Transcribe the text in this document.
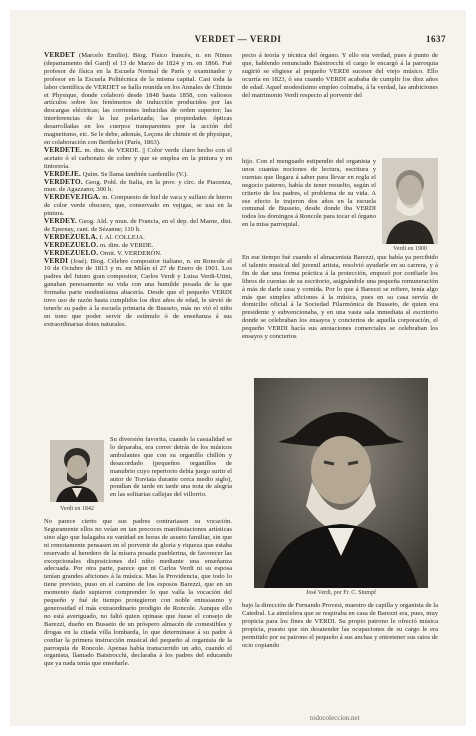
VERDET — VERDI	1637

VERDET (Marcelo Emilio). Biog. Físico francés, n. en Nimes (departamento del Gard) el 13 de Marzo de 1824 y m. en 1866. Fué profesor de física en la Escuela Normal de París y examinador y profesor en la Escuela Politécnica de la misma capital. Casi toda la labor científica de VERDET se halla reunida en los Annales de Chimie et Physique, donde colaboró desde 1848 hasta 1858, con valiosos artículos sobre los fenómenos de inducción producidos por las descargas eléctricas; las corrientes inducidas de orden superior; las interferencias de la luz polarizada; las propiedades ópticas desarrolladas en los cuerpos transparentes por la acción del magnetismo, etc. Se le debe, además, Leçons de chimie et de physique, en colaboración con Berthelot (París, 1863).

VERDETE. m. dim. de VERDE. || Color verde claro hecho con el acetato ó el carbonato de cobre y que se emplea en la pintura y en tintorería.

VERDEJE. Quím. Se llama también cardenillo (V.).

VERDETO. Geog. Pobl. de Italia, en la prov. y circ. de Piacenza, mun. de Agazzano; 300 h.

VERDEVEJIGA. m. Compuesto de hiel de vaca y sulfato de hierro de color verde obscuro, que, conservado en vejigas, se usa en la pintura.

VERDEY. Geog. Ald. y mun. de Francia, en el dep. del Marne, dist. de Epernay, cant. de Sézanne; 110 h.

VERDEZUELA. f. Al. COLLEJA.

VERDEZUELO. m. dim. de VERDE.

VERDEZUELO. Ornit. V. VERDERÓN.

VERDI (José). Biog. Célebre compositor italiano, n. en Roncole el 10 de Octubre de 1813 y m. en Milán el 27 de Enero de 1901. Los padres del futuro gran compositor, Carlos Verdi y Luisa Verdi-Utini, ganaban penosamente su vida con una humilde posada de la que formaba parte modestísima abacería. Desde que el pequeño VERDI tuvo uso de razón hasta cumplidos los diez años de edad, le sirvió de tenerle su padre á la escuela primaria de Busseto, más no vió el niño en tono que poder servir de estímulo ó de enseñanza á sus extraordinarias dotes naturales.

Verdi en 1842
Su diversión favorita, cuando la casualidad se lo deparaba, era correr detrás de los músicos ambulantes que con su organillo chillón y desacordado (pequeños organillos de manubrio cuyo repertorio debía juego surtir el autor de Traviata durante cerca medio siglo), pondían de tarde en tarde una nota de alegría en las solitarias callejas del villorrio.
No parece cierto que sus padres contrariasen su vocación. Seguramente ellos no veían en tan precoces manifestaciones artísticas sino algo que halagaba su vanidad en horas de asueto familiar, sin que ni remotamente pensasen en el porvenir de gloria y riqueza que estaba reservado al heredero de la mísera posada pueblerina, de favorecer las excepcionales disposiciones del niño mediante una enseñanza adecuada. Por otra parte, parece que ni Carlos Verdi ni su esposa tenían grandes aficiones á la música. Mas la Providencia, que todo lo tiene previsto, puso en el camino de los esposos Barezzi, que en un momento dado supieron comprender lo que valía la vocación del pequeño y fué de tiempo protegieron con noble entusiasmo y generosidad el más extraordinario prodigio de Roncole. Aunque ello no está averiguado, no faltó quien opinase que fuese el consejo de Barezzi, dueño en Busseto de un próspero almacén de comestibles y drogas en la citada villa lombarda, lo que determinase á su padre á confiar la primera instrucción musical del pequeño al organista de la parroquia de Roncole. Apenas había transcurrido un año, cuando el organista, llamado Baistrocchi, declaraba á los padres del educando que ya nada tenía que enseñarle.
pecto á teoría y técnica del órgano. Y ello era verdad, pues á punto de que, habiendo renunciado Baistrocchi el cargo le encargó á la parroquia sugirió se eligiese al pequeño VERDI sucesor del viejo músico. Ello ocurría en 1823, ó sea cuando VERDI acababa de cumplir los diez años de edad. Aquel modestísimo empleo colmaba, á la verdad, las ambiciones del matrimonio Verdi respecto al porvenir del
hijo. Con el menguado estipendio del organista y unos cuantas nociones de lectura, escritura y cuentas que llegara á saber para llevar en regla el negocio paterno, había de tener resuelto, según el criterio de los padres, el problema de su vida. A ese efecto le trujeron dos años en la escuela comunal de Busseto, desde donde iba VERDI todos los domingos á Roncole para tocar el órgano en la misa parroquial.
Verdi en 1900
En ese tiempo fué cuando el almacenista Barezzi, que había ya percibido el talento musical del juvenil artista, resolvió ayudarle en su carrera, y á fin de dar una forma práctica á la protección, empezó por confiarle los libros de cuentas de su escritorio, asignándole una pequeña remuneración á más de darle casa y comida. Por lo que á Barezzi se refiere, tenía algo más que simples aficiones á la música, pues en su casa servía de domicilio oficial á la Sociedad Filarmónica de Busseto, de quien era presidente y subvencionaba, y en una vasta sala inmediata al escritorio donde se celebraban los ensayos y conciertos de aquella corporación, el pequeño VERDI hacía sus anotaciones comerciales se celebraban los ensayos y conciertos
José Verdi, por Fr. C. Stumpf
bajo la dirección de Fernando Provesi, maestro de capilla y organista de la Catedral. La atmósfera que se respiraba en casa de Barezzi era, pues, muy propicia para los fines de VERDI. Su propio patrono le ofreció música propicia, puesto que sin desatender las ocupaciones de su cargo le era permitido por su patrono el pequeño á sus anchas y entretener sus ratos de ocio copiando
todocoleccion.net
